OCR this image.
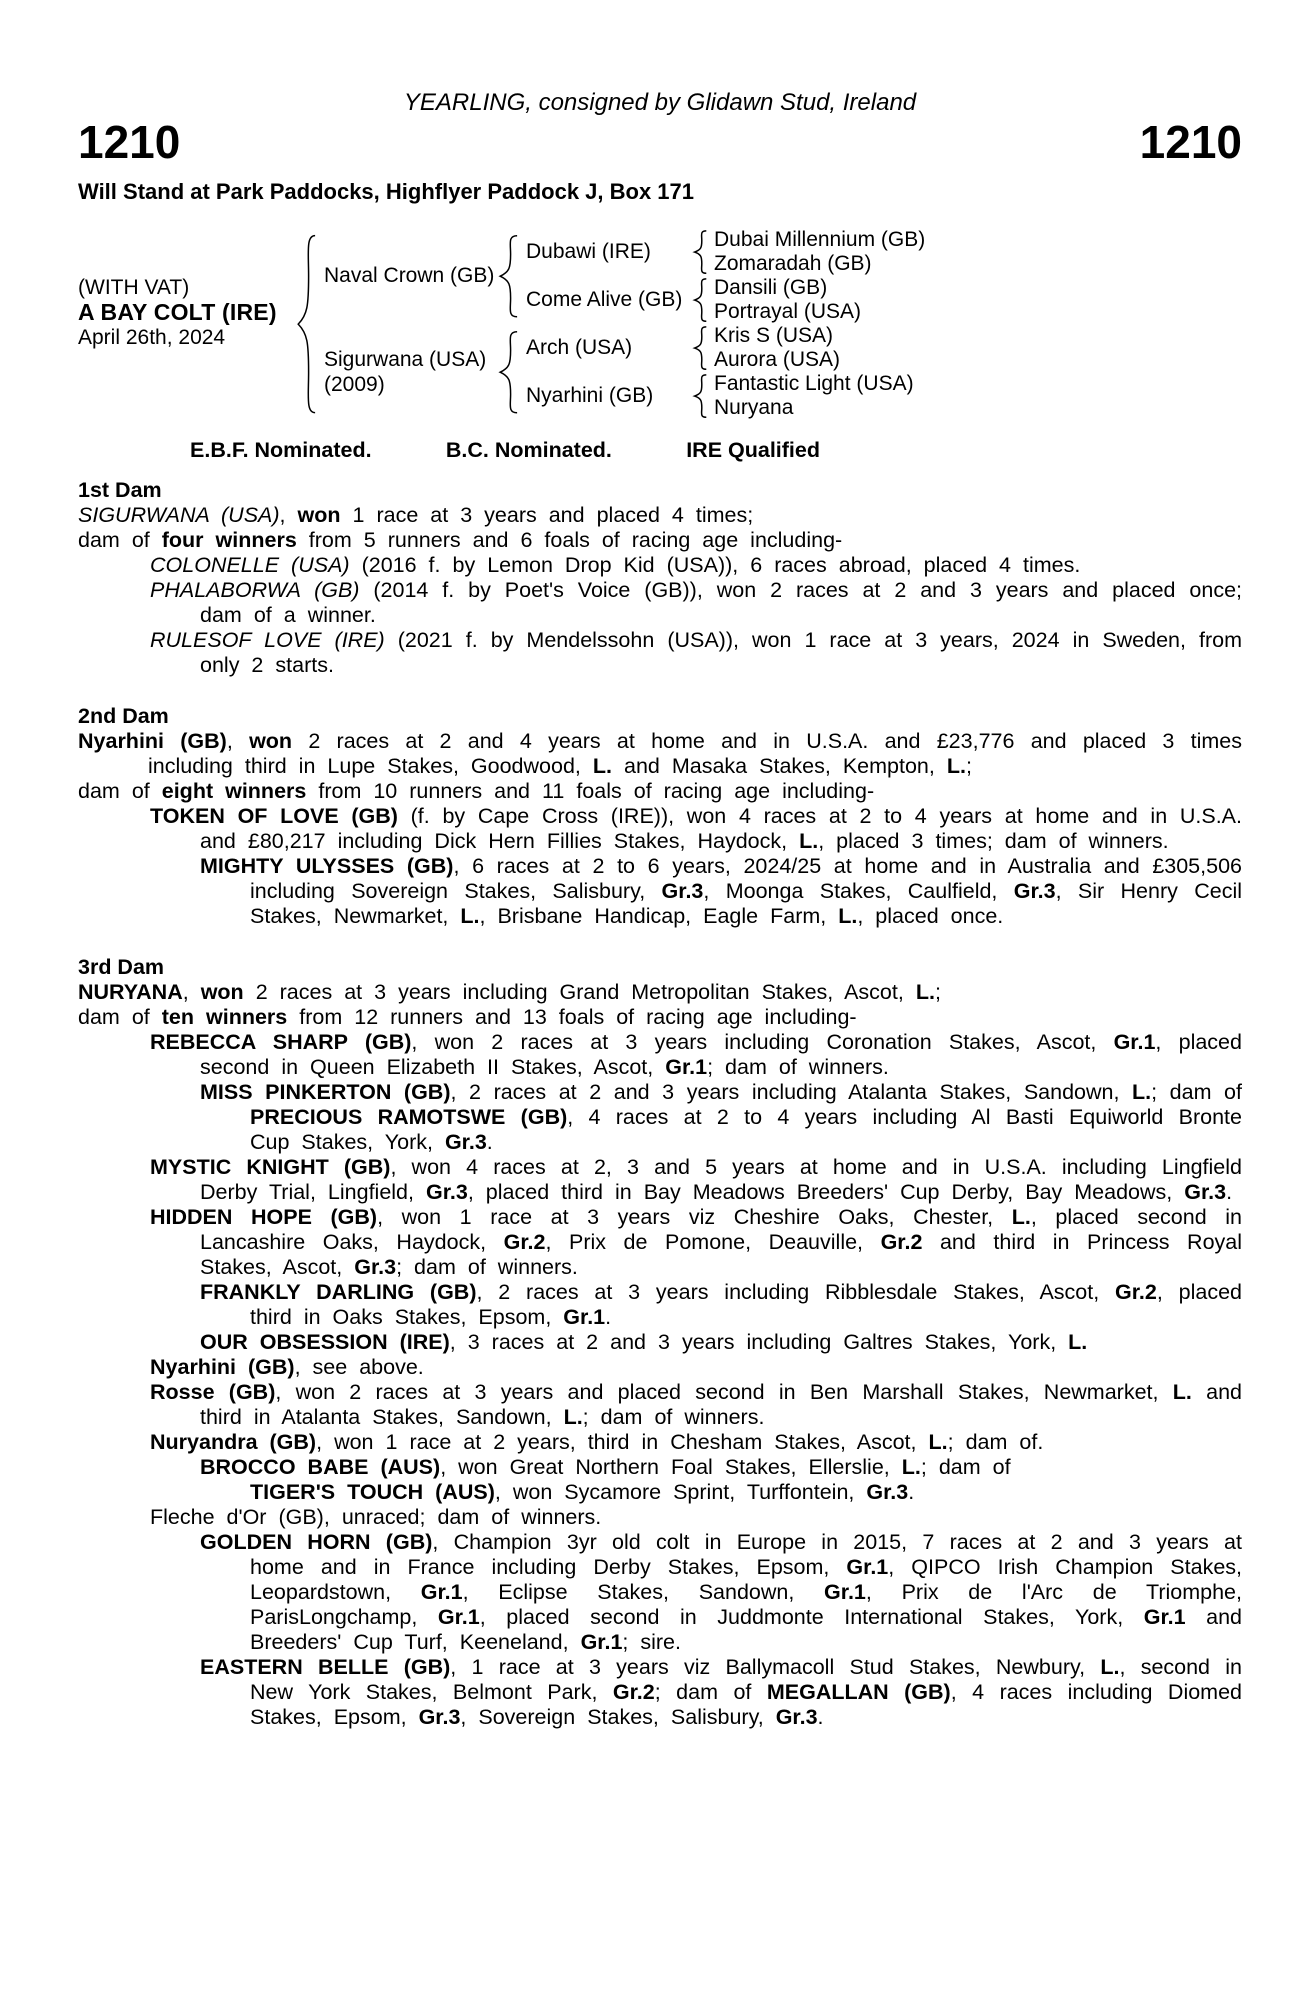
YEARLING, consigned by Glidawn Stud, Ireland
1210	1210
Will Stand at Park Paddocks, Highflyer Paddock J, Box 171
(WITH VAT)
A BAY COLT (IRE)
April 26th, 2024
Naval Crown (GB)
Sigurwana (USA)
(2009)
Dubawi (IRE)
Come Alive (GB)
Arch (USA)
Nyarhini (GB)
Dubai Millennium (GB)
Zomaradah (GB)
Dansili (GB)
Portrayal (USA)
Kris S (USA)
Aurora (USA)
Fantastic Light (USA)
Nuryana
E.B.F. Nominated.	B.C. Nominated.	IRE Qualified
1st Dam

SIGURWANA (USA), won 1 race at 3 years and placed 4 times;

dam of four winners from 5 runners and 6 foals of racing age including-

COLONELLE (USA) (2016 f. by Lemon Drop Kid (USA)), 6 races abroad, placed 4 times.

PHALABORWA (GB) (2014 f. by Poet's Voice (GB)), won 2 races at 2 and 3 years and placed once; dam of a winner.

RULESOF LOVE (IRE) (2021 f. by Mendelssohn (USA)), won 1 race at 3 years, 2024 in Sweden, from only 2 starts.

2nd Dam

Nyarhini (GB), won 2 races at 2 and 4 years at home and in U.S.A. and £23,776 and placed 3 times including third in Lupe Stakes, Goodwood, L. and Masaka Stakes, Kempton, L.;

dam of eight winners from 10 runners and 11 foals of racing age including-

TOKEN OF LOVE (GB) (f. by Cape Cross (IRE)), won 4 races at 2 to 4 years at home and in U.S.A. and £80,217 including Dick Hern Fillies Stakes, Haydock, L., placed 3 times; dam of winners.

MIGHTY ULYSSES (GB), 6 races at 2 to 6 years, 2024/25 at home and in Australia and £305,506 including Sovereign Stakes, Salisbury, Gr.3, Moonga Stakes, Caulfield, Gr.3, Sir Henry Cecil Stakes, Newmarket, L., Brisbane Handicap, Eagle Farm, L., placed once.

3rd Dam

NURYANA, won 2 races at 3 years including Grand Metropolitan Stakes, Ascot, L.;

dam of ten winners from 12 runners and 13 foals of racing age including-

REBECCA SHARP (GB), won 2 races at 3 years including Coronation Stakes, Ascot, Gr.1, placed second in Queen Elizabeth II Stakes, Ascot, Gr.1; dam of winners.

MISS PINKERTON (GB), 2 races at 2 and 3 years including Atalanta Stakes, Sandown, L.; dam of PRECIOUS RAMOTSWE (GB), 4 races at 2 to 4 years including Al Basti Equiworld Bronte Cup Stakes, York, Gr.3.

MYSTIC KNIGHT (GB), won 4 races at 2, 3 and 5 years at home and in U.S.A. including Lingfield Derby Trial, Lingfield, Gr.3, placed third in Bay Meadows Breeders' Cup Derby, Bay Meadows, Gr.3.

HIDDEN HOPE (GB), won 1 race at 3 years viz Cheshire Oaks, Chester, L., placed second in Lancashire Oaks, Haydock, Gr.2, Prix de Pomone, Deauville, Gr.2 and third in Princess Royal Stakes, Ascot, Gr.3; dam of winners.

FRANKLY DARLING (GB), 2 races at 3 years including Ribblesdale Stakes, Ascot, Gr.2, placed third in Oaks Stakes, Epsom, Gr.1.

OUR OBSESSION (IRE), 3 races at 2 and 3 years including Galtres Stakes, York, L.

Nyarhini (GB), see above.

Rosse (GB), won 2 races at 3 years and placed second in Ben Marshall Stakes, Newmarket, L. and third in Atalanta Stakes, Sandown, L.; dam of winners.

Nuryandra (GB), won 1 race at 2 years, third in Chesham Stakes, Ascot, L.; dam of.

BROCCO BABE (AUS), won Great Northern Foal Stakes, Ellerslie, L.; dam of

TIGER'S TOUCH (AUS), won Sycamore Sprint, Turffontein, Gr.3.

Fleche d'Or (GB), unraced; dam of winners.

GOLDEN HORN (GB), Champion 3yr old colt in Europe in 2015, 7 races at 2 and 3 years at home and in France including Derby Stakes, Epsom, Gr.1, QIPCO Irish Champion Stakes, Leopardstown, Gr.1, Eclipse Stakes, Sandown, Gr.1, Prix de l'Arc de Triomphe, ParisLongchamp, Gr.1, placed second in Juddmonte International Stakes, York, Gr.1 and Breeders' Cup Turf, Keeneland, Gr.1; sire.

EASTERN BELLE (GB), 1 race at 3 years viz Ballymacoll Stud Stakes, Newbury, L., second in New York Stakes, Belmont Park, Gr.2; dam of MEGALLAN (GB), 4 races including Diomed Stakes, Epsom, Gr.3, Sovereign Stakes, Salisbury, Gr.3.
